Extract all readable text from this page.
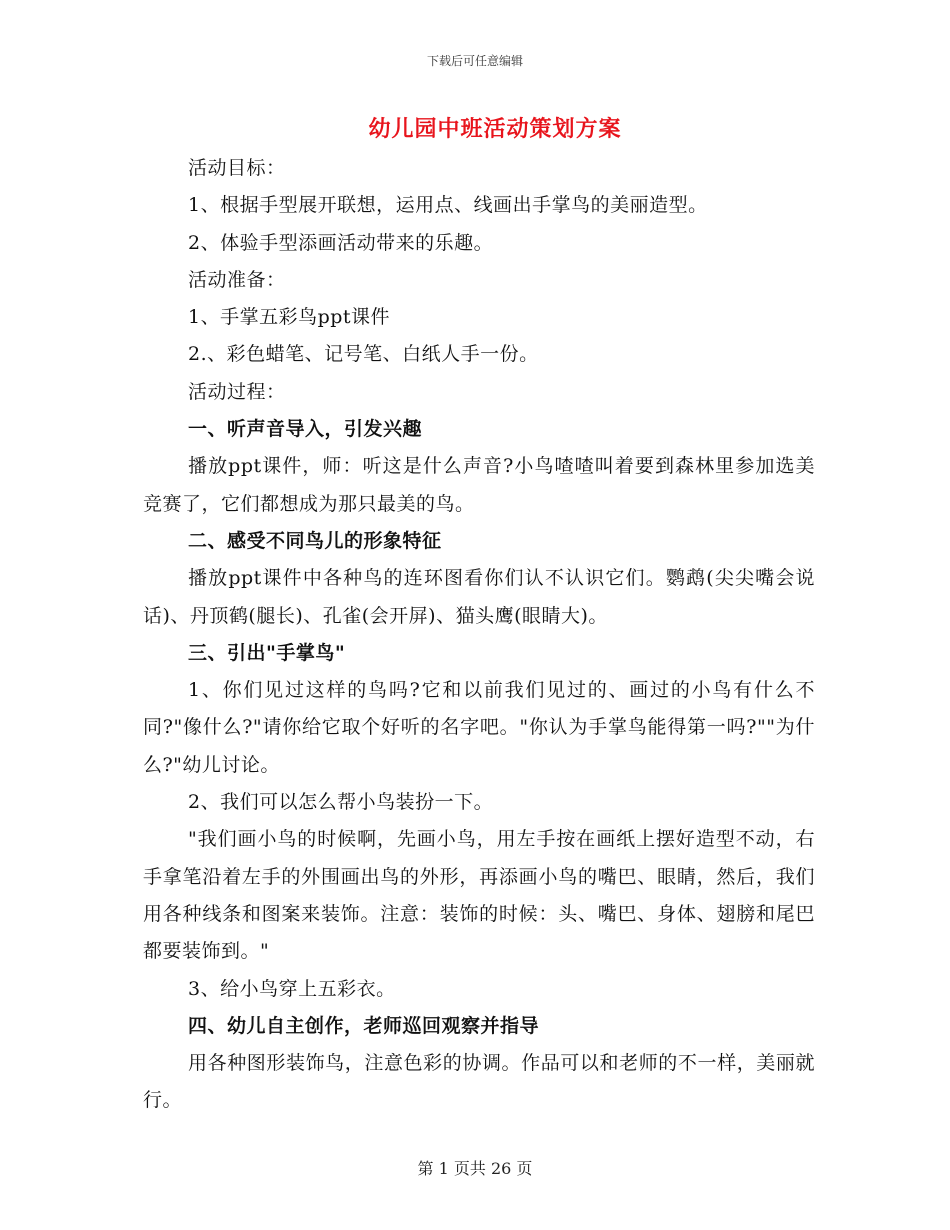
下载后可任意编辑
幼儿园中班活动策划方案

活动目标：

1、根据手型展开联想，运用点、线画出手掌鸟的美丽造型。

2、体验手型添画活动带来的乐趣。

活动准备：

1、手掌五彩鸟ppt课件

2.、彩色蜡笔、记号笔、白纸人手一份。

活动过程：

一、听声音导入，引发兴趣

播放ppt课件，师：听这是什么声音?小鸟喳喳叫着要到森林里参加选美竞赛了，它们都想成为那只最美的鸟。

二、感受不同鸟儿的形象特征

播放ppt课件中各种鸟的连环图看你们认不认识它们。鹦鹉(尖尖嘴会说话)、丹顶鹤(腿长)、孔雀(会开屏)、猫头鹰(眼睛大)。

三、引出"手掌鸟"

1、你们见过这样的鸟吗?它和以前我们见过的、画过的小鸟有什么不同?"像什么?"请你给它取个好听的名字吧。"你认为手掌鸟能得第一吗?""为什么?"幼儿讨论。

2、我们可以怎么帮小鸟装扮一下。

"我们画小鸟的时候啊，先画小鸟，用左手按在画纸上摆好造型不动，右手拿笔沿着左手的外围画出鸟的外形，再添画小鸟的嘴巴、眼睛，然后，我们用各种线条和图案来装饰。注意：装饰的时候：头、嘴巴、身体、翅膀和尾巴都要装饰到。"

3、给小鸟穿上五彩衣。

四、幼儿自主创作，老师巡回观察并指导

用各种图形装饰鸟，注意色彩的协调。作品可以和老师的不一样，美丽就行。

第 1 页共 26 页
